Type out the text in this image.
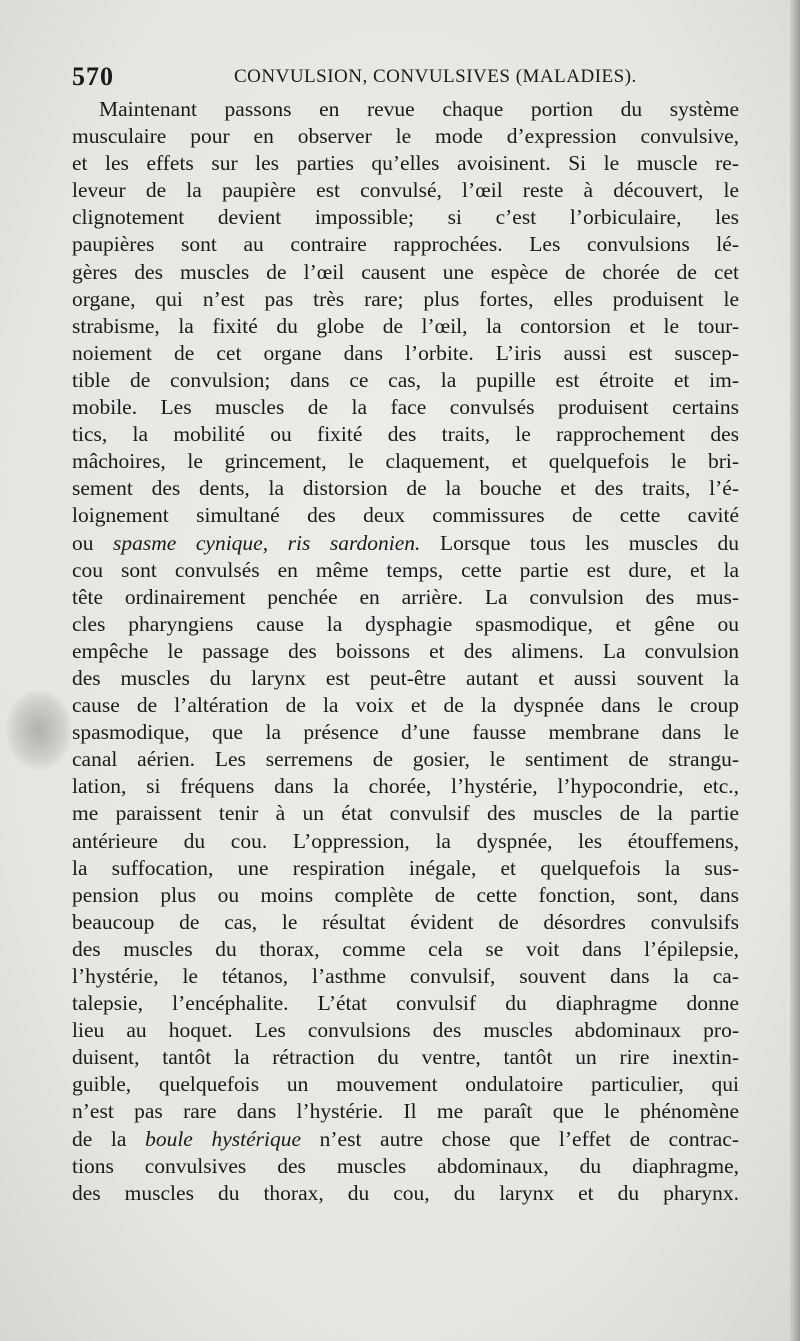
570	CONVULSION, CONVULSIVES (MALADIES).
Maintenant passons en revue chaque portion du système
musculaire pour en observer le mode d’expression convulsive,
et les effets sur les parties qu’elles avoisinent. Si le muscle re-
leveur de la paupière est convulsé, l’œil reste à découvert, le
clignotement devient impossible; si c’est l’orbiculaire, les
paupières sont au contraire rapprochées. Les convulsions lé-
gères des muscles de l’œil causent une espèce de chorée de cet
organe, qui n’est pas très rare; plus fortes, elles produisent le
strabisme, la fixité du globe de l’œil, la contorsion et le tour-
noiement de cet organe dans l’orbite. L’iris aussi est suscep-
tible de convulsion; dans ce cas, la pupille est étroite et im-
mobile. Les muscles de la face convulsés produisent certains
tics, la mobilité ou fixité des traits, le rapprochement des
mâchoires, le grincement, le claquement, et quelquefois le bri-
sement des dents, la distorsion de la bouche et des traits, l’é-
loignement simultané des deux commissures de cette cavité
ou spasme cynique, ris sardonien. Lorsque tous les muscles du
cou sont convulsés en même temps, cette partie est dure, et la
tête ordinairement penchée en arrière. La convulsion des mus-
cles pharyngiens cause la dysphagie spasmodique, et gêne ou
empêche le passage des boissons et des alimens. La convulsion
des muscles du larynx est peut-être autant et aussi souvent la
cause de l’altération de la voix et de la dyspnée dans le croup
spasmodique, que la présence d’une fausse membrane dans le
canal aérien. Les serremens de gosier, le sentiment de strangu-
lation, si fréquens dans la chorée, l’hystérie, l’hypocondrie, etc.,
me paraissent tenir à un état convulsif des muscles de la partie
antérieure du cou. L’oppression, la dyspnée, les étouffemens,
la suffocation, une respiration inégale, et quelquefois la sus-
pension plus ou moins complète de cette fonction, sont, dans
beaucoup de cas, le résultat évident de désordres convulsifs
des muscles du thorax, comme cela se voit dans l’épilepsie,
l’hystérie, le tétanos, l’asthme convulsif, souvent dans la ca-
talepsie, l’encéphalite. L’état convulsif du diaphragme donne
lieu au hoquet. Les convulsions des muscles abdominaux pro-
duisent, tantôt la rétraction du ventre, tantôt un rire inextin-
guible, quelquefois un mouvement ondulatoire particulier, qui
n’est pas rare dans l’hystérie. Il me paraît que le phénomène
de la boule hystérique n’est autre chose que l’effet de contrac-
tions convulsives des muscles abdominaux, du diaphragme,
des muscles du thorax, du cou, du larynx et du pharynx.
